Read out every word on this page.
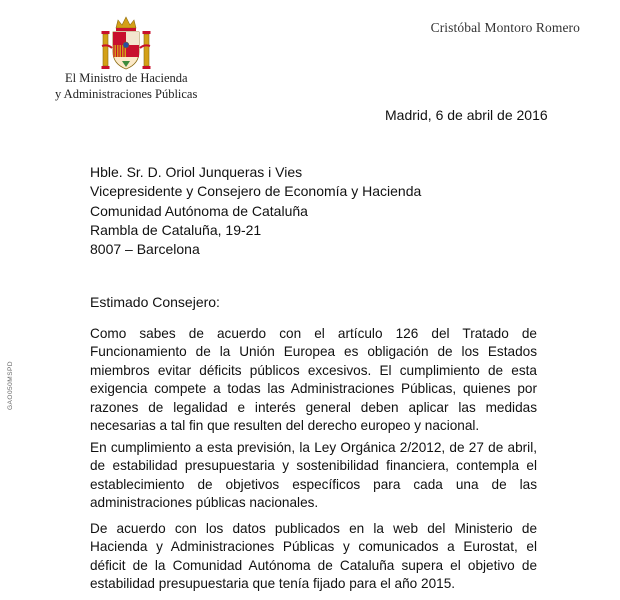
Cristóbal Montoro Romero
El Ministro de Hacienda
y Administraciones Públicas
GAO050MSPD
Madrid, 6 de abril de 2016
Hble. Sr. D. Oriol Junqueras i Vies
Vicepresidente y Consejero de Economía y Hacienda
Comunidad Autónoma de Cataluña
Rambla de Cataluña, 19-21
8007 – Barcelona
Estimado Consejero:

Como sabes de acuerdo con el artículo 126 del Tratado de Funcionamiento de la Unión Europea es obligación de los Estados miembros evitar déficits públicos excesivos. El cumplimiento de esta exigencia compete a todas las Administraciones Públicas, quienes por razones de legalidad e interés general deben aplicar las medidas necesarias a tal fin que resulten del derecho europeo y nacional.

En cumplimiento a esta previsión, la Ley Orgánica 2/2012, de 27 de abril, de estabilidad presupuestaria y sostenibilidad financiera, contempla el establecimiento de objetivos específicos para cada una de las administraciones públicas nacionales.

De acuerdo con los datos publicados en la web del Ministerio de Hacienda y Administraciones Públicas y comunicados a Eurostat, el déficit de la Comunidad Autónoma de Cataluña supera el objetivo de estabilidad presupuestaria que tenía fijado para el año 2015.
